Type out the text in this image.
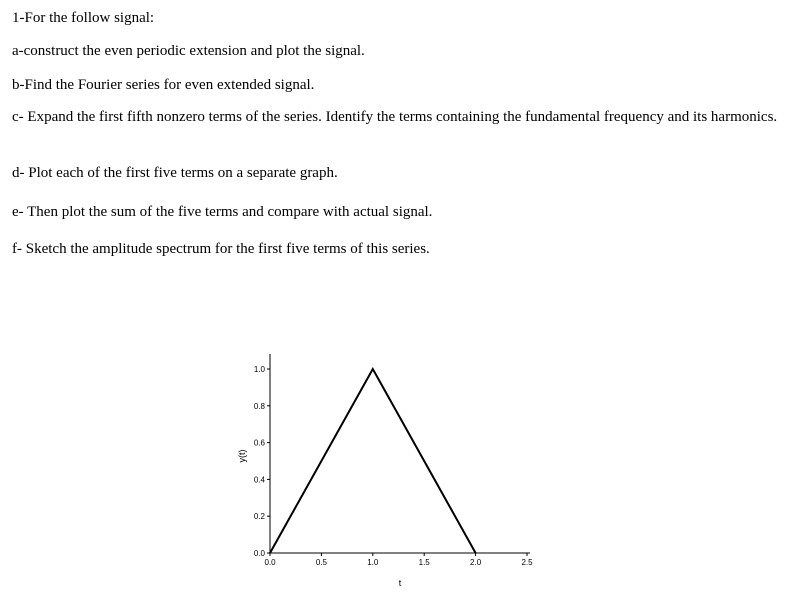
1-For the follow signal:
a-construct the even periodic extension and plot the signal.
b-Find the Fourier series for even extended signal.
c- Expand the first fifth nonzero terms of the series. Identify the terms containing the fundamental frequency and its harmonics.
d- Plot each of the first five terms on a separate graph.
e- Then plot the sum of the five terms and compare with actual signal.
f- Sketch the amplitude spectrum for the first five terms of this series.
0.0
0.2
0.4
0.6
0.8
1.0
0.0	0.5	1.0	1.5	2.0	2.5
y(t)
t
